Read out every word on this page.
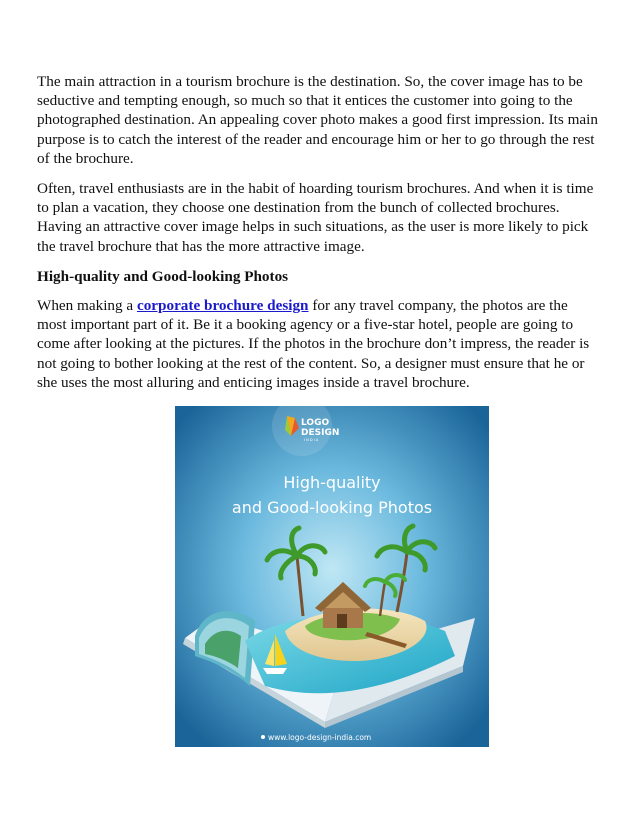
The main attraction in a tourism brochure is the destination. So, the cover image has to be seductive and tempting enough, so much so that it entices the customer into going to the photographed destination. An appealing cover photo makes a good first impression. Its main purpose is to catch the interest of the reader and encourage him or her to go through the rest of the brochure.

Often, travel enthusiasts are in the habit of hoarding tourism brochures. And when it is time to plan a vacation, they choose one destination from the bunch of collected brochures. Having an attractive cover image helps in such situations, as the user is more likely to pick the travel brochure that has the more attractive image.

High-quality and Good-looking Photos

When making a corporate brochure design for any travel company, the photos are the most important part of it. Be it a booking agency or a five-star hotel, people are going to come after looking at the pictures. If the photos in the brochure don’t impress, the reader is not going to bother looking at the rest of the content. So, a designer must ensure that he or she uses the most alluring and enticing images inside a travel brochure.

LOGO
DESIGN
I N D I A
High-quality
and Good-looking Photos
www.logo-design-india.com
